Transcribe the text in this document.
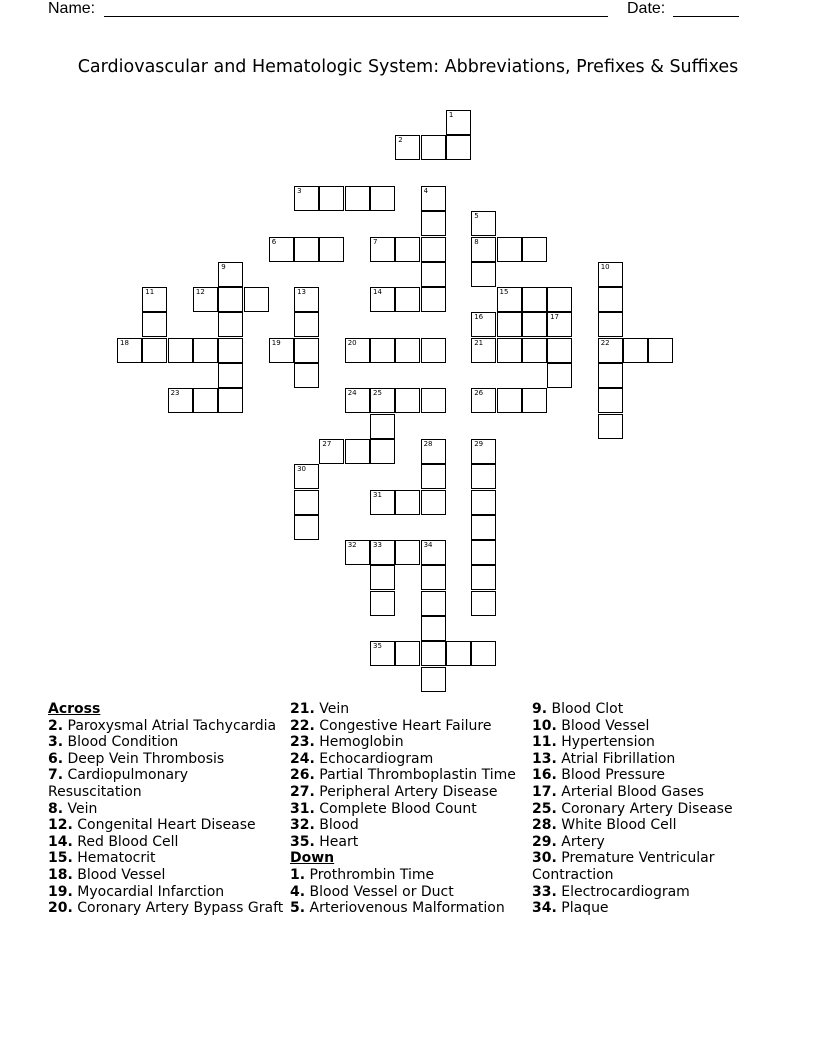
Name:	Date:
Cardiovascular and Hematologic System: Abbreviations, Prefixes & Suffixes
1
2
3	4
5
6	7	8
9	10
11	12	13	14	15
16	17
18	19	20	21	22
23	24 25	26
27	28	29
30
31
32 33	34
35
Across
2. Paroxysmal Atrial Tachycardia
3. Blood Condition
6. Deep Vein Thrombosis
7. Cardiopulmonary Resuscitation
8. Vein
12. Congenital Heart Disease
14. Red Blood Cell
15. Hematocrit
18. Blood Vessel
19. Myocardial Infarction
20. Coronary Artery Bypass Graft
21. Vein
22. Congestive Heart Failure
23. Hemoglobin
24. Echocardiogram
26. Partial Thromboplastin Time
27. Peripheral Artery Disease
31. Complete Blood Count
32. Blood
35. Heart
Down
1. Prothrombin Time
4. Blood Vessel or Duct
5. Arteriovenous Malformation
9. Blood Clot
10. Blood Vessel
11. Hypertension
13. Atrial Fibrillation
16. Blood Pressure
17. Arterial Blood Gases
25. Coronary Artery Disease
28. White Blood Cell
29. Artery
30. Premature Ventricular Contraction
33. Electrocardiogram
34. Plaque
